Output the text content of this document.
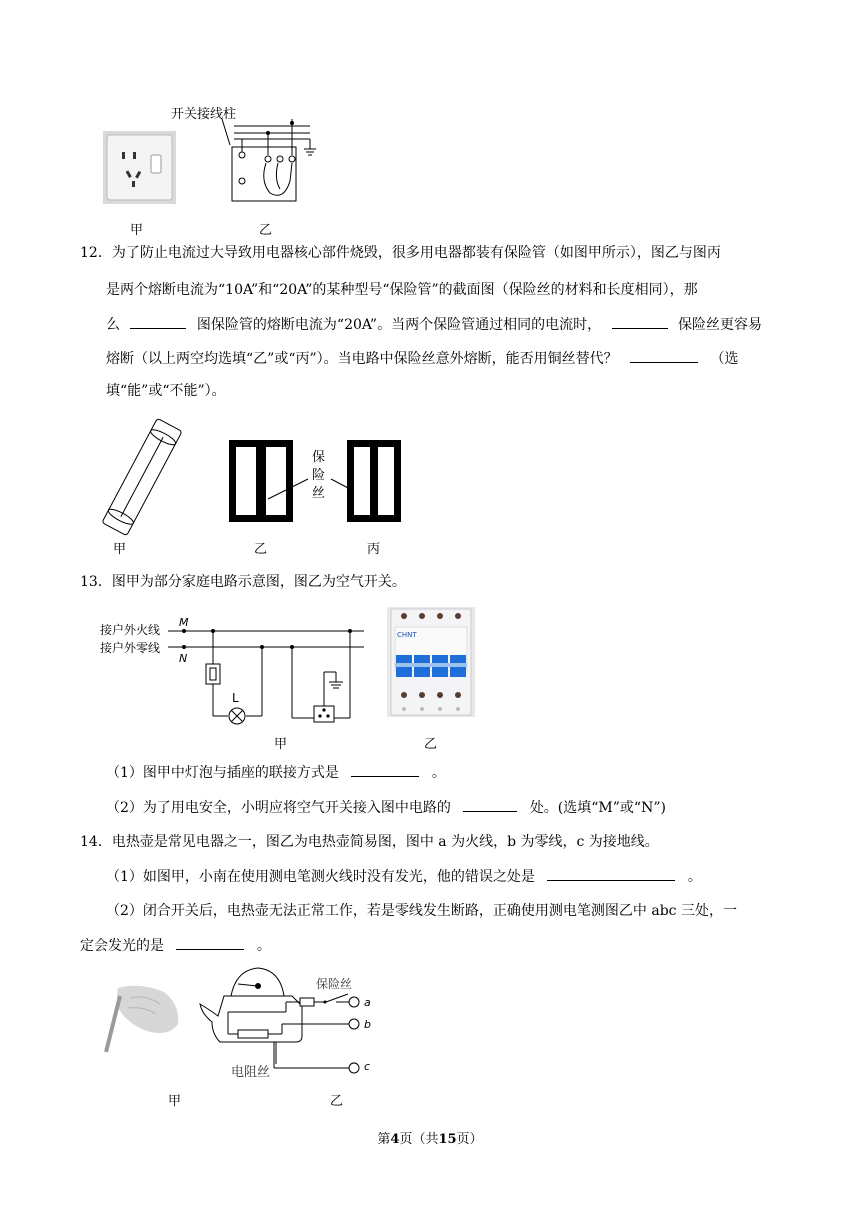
开关接线柱
甲	乙
12．为了防止电流过大导致用电器核心部件烧毁，很多用电器都装有保险管（如图甲所示），图乙与图丙
是两个熔断电流为“10A”和“20A”的某种型号“保险管”的截面图（保险丝的材料和长度相同），那
么	图保险管的熔断电流为“20A”。当两个保险管通过相同的电流时，	保险丝更容易
熔断（以上两空均选填“乙”或“丙”）。当电路中保险丝意外熔断，能否用铜丝替代？	（选
填“能”或“不能”）。
保
险
丝
甲	乙	丙
13．图甲为部分家庭电路示意图，图乙为空气开关。
接户外火线
接户外零线
M
N
L
甲
CHNT
乙
（1）图甲中灯泡与插座的联接方式是	。
（2）为了用电安全，小明应将空气开关接入图中电路的	处。(选填“M”或“N”)
14．电热壶是常见电器之一，图乙为电热壶简易图，图中 a 为火线，b 为零线，c 为接地线。
（1）如图甲，小南在使用测电笔测火线时没有发光，他的错误之处是	。
（2）闭合开关后，电热壶无法正常工作，若是零线发生断路，正确使用测电笔测图乙中 abc 三处，一
定会发光的是	。
a
保险丝
b
c
电阻丝
甲	乙
第4页（共15页）
